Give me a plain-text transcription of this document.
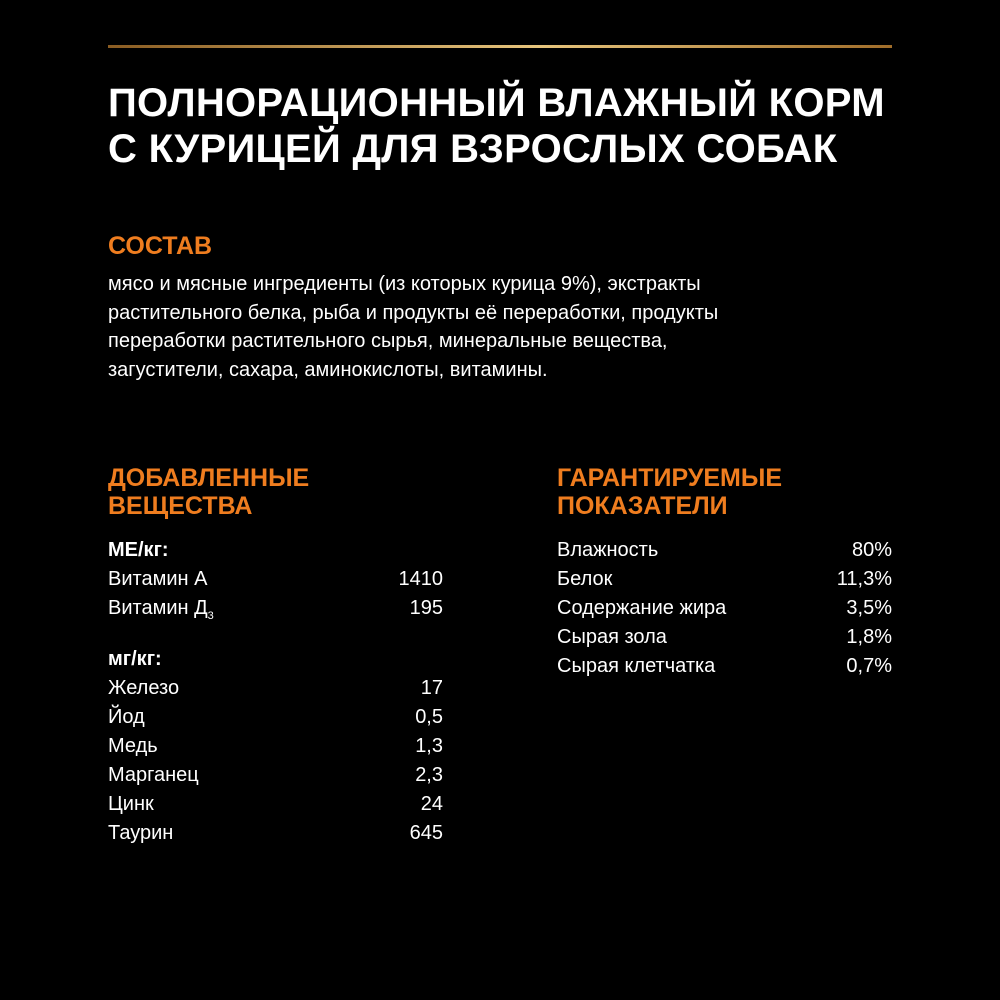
ПОЛНОРАЦИОННЫЙ ВЛАЖНЫЙ КОРМ
С КУРИЦЕЙ ДЛЯ ВЗРОСЛЫХ СОБАК
СОСТАВ

мясо и мясные ингредиенты (из которых курица 9%), экстракты
растительного белка, рыба и продукты её переработки, продукты
переработки растительного сырья, минеральные вещества,
загустители, сахара, аминокислоты, витамины.

ДОБАВЛЕННЫЕ
ВЕЩЕСТВА
ГАРАНТИРУЕМЫЕ
ПОКАЗАТЕЛИ
МЕ/кг:
Витамин А	1410
Витамин $Д_3$	195
мг/кг:
Железо	17
Йод	0,5
Медь	1,3
Марганец	2,3
Цинк	24
Таурин	645
Влажность	80%
Белок	11,3%
Содержание жира	3,5%
Сырая зола	1,8%
Сырая клетчатка	0,7%
